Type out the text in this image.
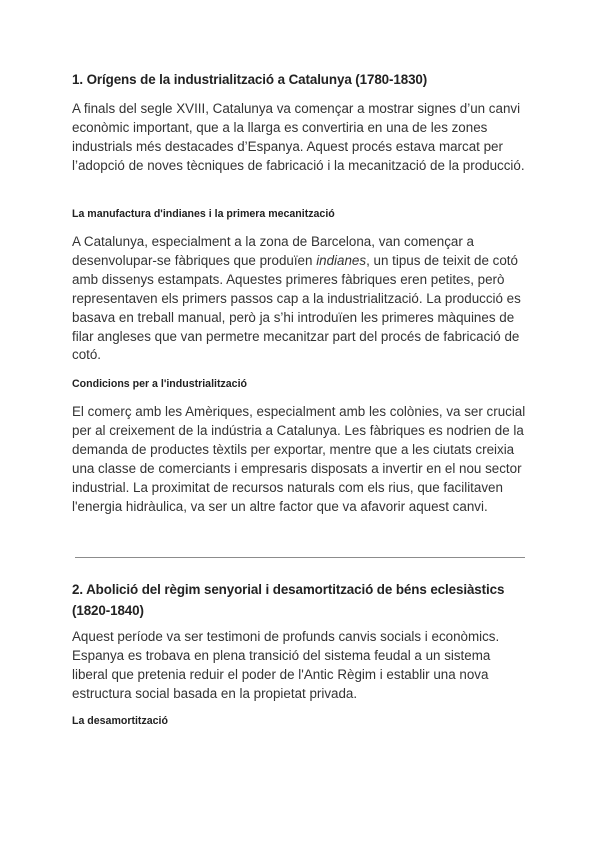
1. Orígens de la industrialització a Catalunya (1780-1830)

A finals del segle XVIII, Catalunya va començar a mostrar signes d’un canvi econòmic important, que a la llarga es convertiria en una de les zones industrials més destacades d’Espanya. Aquest procés estava marcat per l’adopció de noves tècniques de fabricació i la mecanització de la producció.

La manufactura d'indianes i la primera mecanització

A Catalunya, especialment a la zona de Barcelona, van començar a desenvolupar-se fàbriques que produïen indianes, un tipus de teixit de cotó amb dissenys estampats. Aquestes primeres fàbriques eren petites, però representaven els primers passos cap a la industrialització. La producció es basava en treball manual, però ja s’hi introduïen les primeres màquines de filar angleses que van permetre mecanitzar part del procés de fabricació de cotó.

Condicions per a l'industrialització

El comerç amb les Amèriques, especialment amb les colònies, va ser crucial per al creixement de la indústria a Catalunya. Les fàbriques es nodrien de la demanda de productes tèxtils per exportar, mentre que a les ciutats creixia una classe de comerciants i empresaris disposats a invertir en el nou sector industrial. La proximitat de recursos naturals com els rius, que facilitaven l'energia hidràulica, va ser un altre factor que va afavorir aquest canvi.

2. Abolició del règim senyorial i desamortització de béns eclesiàstics (1820-1840)

Aquest període va ser testimoni de profunds canvis socials i econòmics. Espanya es trobava en plena transició del sistema feudal a un sistema liberal que pretenia reduir el poder de l'Antic Règim i establir una nova estructura social basada en la propietat privada.

La desamortització
